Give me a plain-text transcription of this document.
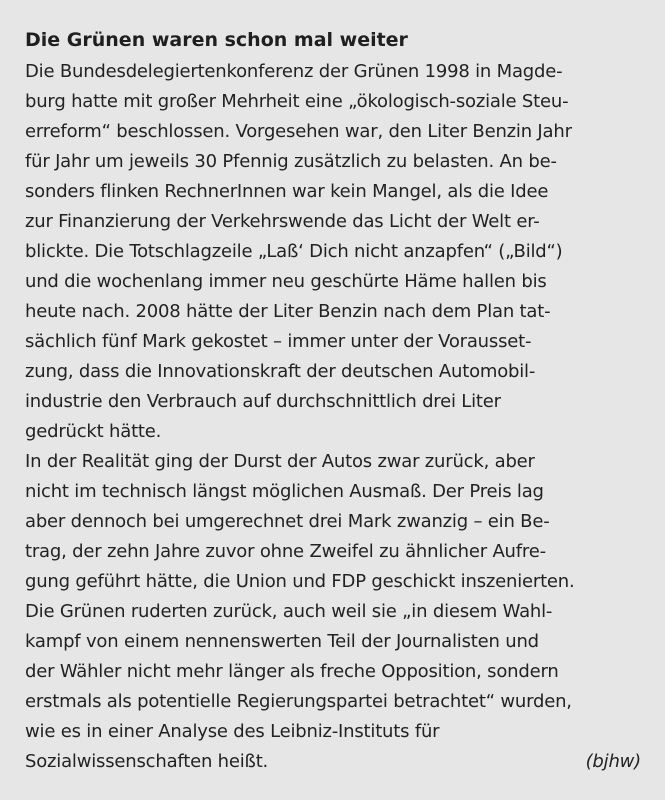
Die Grünen waren schon mal weiter
Die Bundesdelegiertenkonferenz der Grünen 1998 in Magde-
burg hatte mit großer Mehrheit eine „ökologisch-soziale Steu-
erreform“ beschlossen. Vorgesehen war, den Liter Benzin Jahr
für Jahr um jeweils 30 Pfennig zusätzlich zu belasten. An be-
sonders flinken RechnerInnen war kein Mangel, als die Idee
zur Finanzierung der Verkehrswende das Licht der Welt er-
blickte. Die Totschlagzeile „Laß‘ Dich nicht anzapfen“ („Bild“)
und die wochenlang immer neu geschürte Häme hallen bis
heute nach. 2008 hätte der Liter Benzin nach dem Plan tat-
sächlich fünf Mark gekostet – immer unter der Vorausset-
zung, dass die Innovationskraft der deutschen Automobil-
industrie den Verbrauch auf durchschnittlich drei Liter
gedrückt hätte.
In der Realität ging der Durst der Autos zwar zurück, aber
nicht im technisch längst möglichen Ausmaß. Der Preis lag
aber dennoch bei umgerechnet drei Mark zwanzig – ein Be-
trag, der zehn Jahre zuvor ohne Zweifel zu ähnlicher Aufre-
gung geführt hätte, die Union und FDP geschickt inszenierten.
Die Grünen ruderten zurück, auch weil sie „in diesem Wahl-
kampf von einem nennenswerten Teil der Journalisten und
der Wähler nicht mehr länger als freche Opposition, sondern
erstmals als potentielle Regierungspartei betrachtet“ wurden,
wie es in einer Analyse des Leibniz-Instituts für
Sozialwissenschaften heißt.	(bjhw)
